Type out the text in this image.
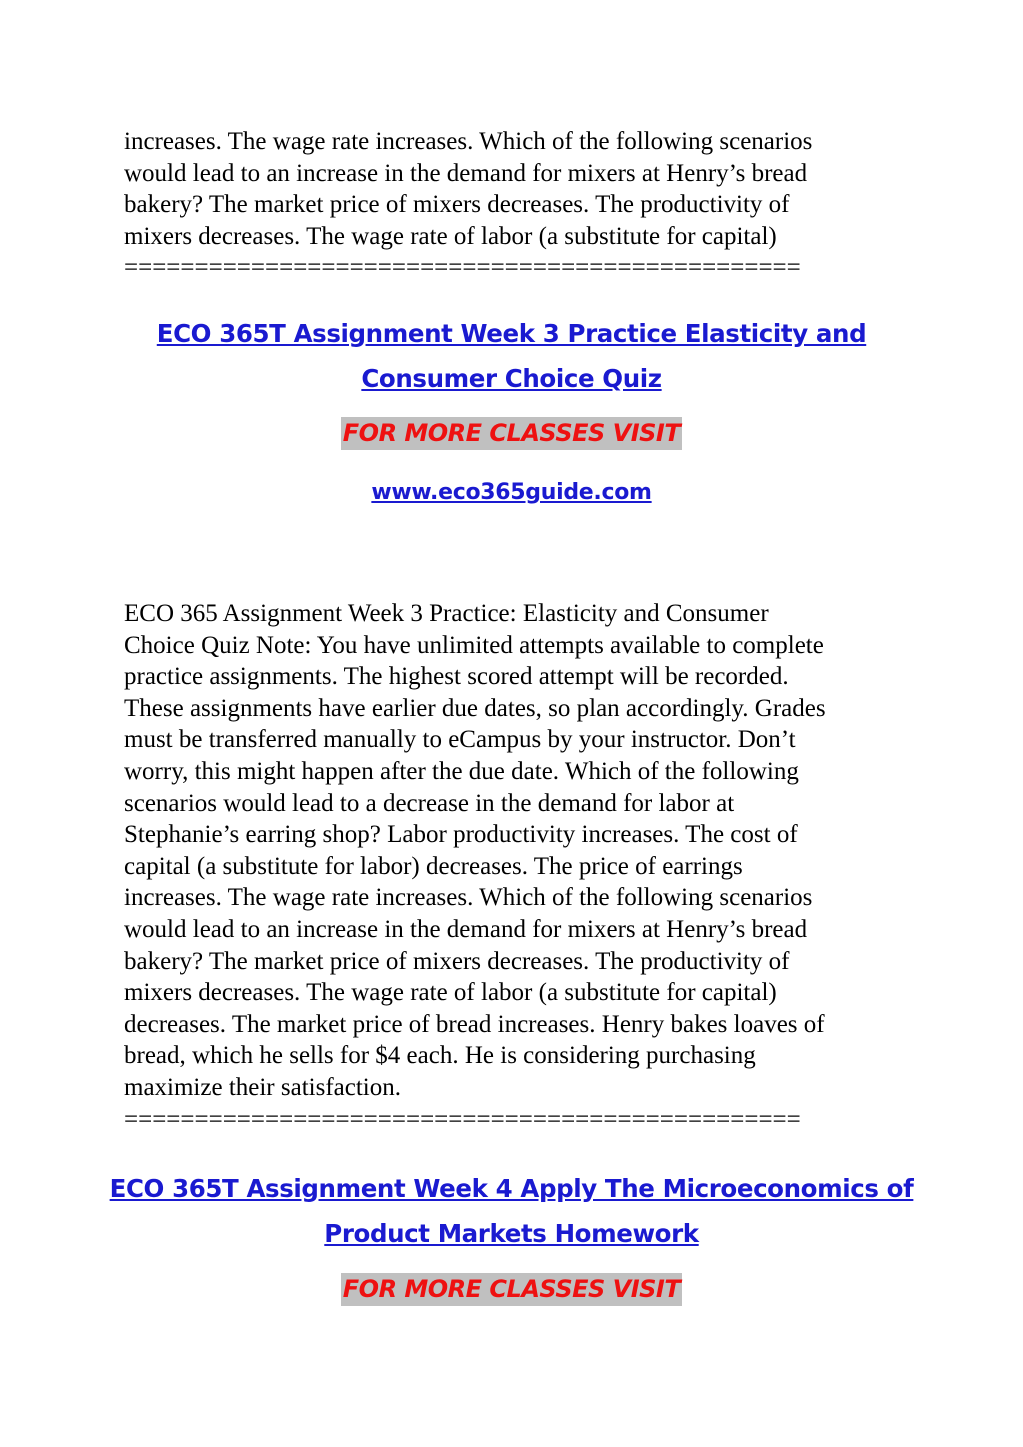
increases. The wage rate increases. Which of the following scenarios
would lead to an increase in the demand for mixers at Henry’s bread
bakery? The market price of mixers decreases. The productivity of
mixers decreases. The wage rate of labor (a substitute for capital)
================================================
ECO 365T Assignment Week 3 Practice Elasticity and
Consumer Choice Quiz
FOR MORE CLASSES VISIT
www.eco365guide.com
ECO 365 Assignment Week 3 Practice: Elasticity and Consumer
Choice Quiz Note: You have unlimited attempts available to complete
practice assignments. The highest scored attempt will be recorded.
These assignments have earlier due dates, so plan accordingly. Grades
must be transferred manually to eCampus by your instructor. Don’t
worry, this might happen after the due date. Which of the following
scenarios would lead to a decrease in the demand for labor at
Stephanie’s earring shop? Labor productivity increases. The cost of
capital (a substitute for labor) decreases. The price of earrings
increases. The wage rate increases. Which of the following scenarios
would lead to an increase in the demand for mixers at Henry’s bread
bakery? The market price of mixers decreases. The productivity of
mixers decreases. The wage rate of labor (a substitute for capital)
decreases. The market price of bread increases. Henry bakes loaves of
bread, which he sells for $4 each. He is considering purchasing
maximize their satisfaction.
================================================
ECO 365T Assignment Week 4 Apply The Microeconomics of
Product Markets Homework
FOR MORE CLASSES VISIT
